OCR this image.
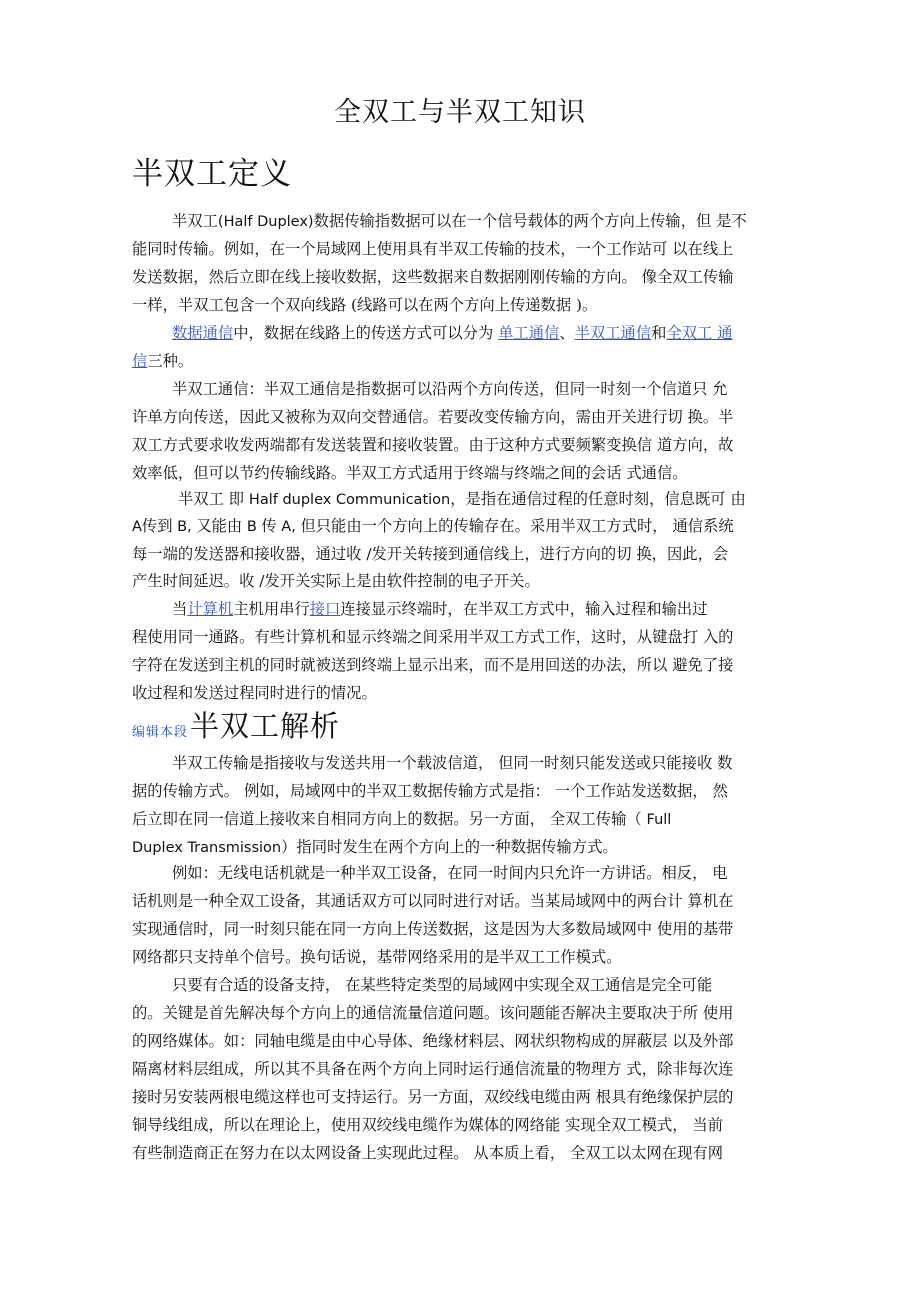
全双工与半双工知识
半双工定义
半双工(Half Duplex)数据传输指数据可以在一个信号载体的两个方向上传输，但 是不
能同时传输。例如，在一个局域网上使用具有半双工传输的技术，一个工作站可 以在线上
发送数据，然后立即在线上接收数据，这些数据来自数据刚刚传输的方向。 像全双工传输
一样，半双工包含一个双向线路 (线路可以在两个方向上传递数据 )。
数据通信中，数据在线路上的传送方式可以分为 单工通信、半双工通信和全双工 通
信三种。
半双工通信：半双工通信是指数据可以沿两个方向传送，但同一时刻一个信道只 允
许单方向传送，因此又被称为双向交替通信。若要改变传输方向，需由开关进行切 换。半
双工方式要求收发两端都有发送装置和接收装置。由于这种方式要频繁变换信 道方向，故
效率低，但可以节约传输线路。半双工方式适用于终端与终端之间的会话 式通信。
半双工 即 Half duplex Communication，是指在通信过程的任意时刻，信息既可 由
A传到 B, 又能由 B 传 A, 但只能由一个方向上的传输存在。采用半双工方式时， 通信系统
每一端的发送器和接收器，通过收 /发开关转接到通信线上，进行方向的切 换，因此，会
产生时间延迟。收 /发开关实际上是由软件控制的电子开关。
当计算机主机用串行接口连接显示终端时，在半双工方式中，输入过程和输出过
程使用同一通路。有些计算机和显示终端之间采用半双工方式工作，这时，从键盘打 入的
字符在发送到主机的同时就被送到终端上显示出来，而不是用回送的办法，所以 避免了接
收过程和发送过程同时进行的情况。
编辑本段半双工解析
半双工传输是指接收与发送共用一个载波信道， 但同一时刻只能发送或只能接收 数
据的传输方式。 例如，局域网中的半双工数据传输方式是指： 一个工作站发送数据， 然
后立即在同一信道上接收来自相同方向上的数据。另一方面， 全双工传输（ Full
Duplex Transmission）指同时发生在两个方向上的一种数据传输方式。
例如：无线电话机就是一种半双工设备，在同一时间内只允许一方讲话。相反， 电
话机则是一种全双工设备，其通话双方可以同时进行对话。当某局域网中的两台计 算机在
实现通信时，同一时刻只能在同一方向上传送数据，这是因为大多数局域网中 使用的基带
网络都只支持单个信号。换句话说，基带网络采用的是半双工工作模式。
只要有合适的设备支持， 在某些特定类型的局域网中实现全双工通信是完全可能
的。关键是首先解决每个方向上的通信流量信道问题。该问题能否解决主要取决于所 使用
的网络媒体。如：同轴电缆是由中心导体、绝缘材料层、网状织物构成的屏蔽层 以及外部
隔离材料层组成，所以其不具备在两个方向上同时运行通信流量的物理方 式，除非每次连
接时另安装两根电缆这样也可支持运行。另一方面，双绞线电缆由两 根具有绝缘保护层的
铜导线组成，所以在理论上，使用双绞线电缆作为媒体的网络能 实现全双工模式， 当前
有些制造商正在努力在以太网设备上实现此过程。 从本质上看， 全双工以太网在现有网
